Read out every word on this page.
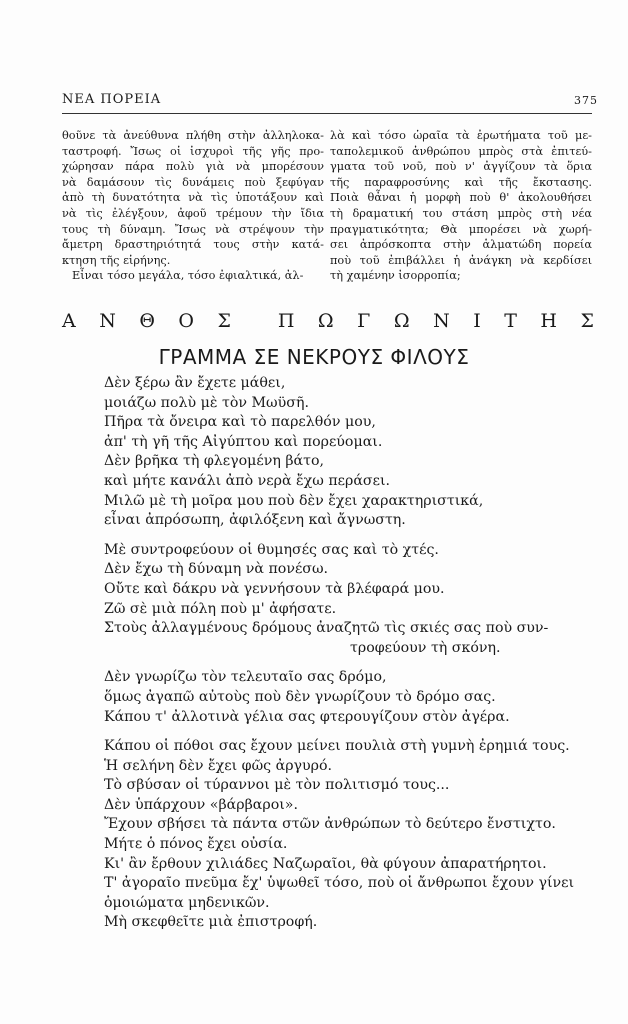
ΝΕΑ ΠΟΡΕΙΑ	375
θοῦνε τὰ ἀνεύθυνα πλήθη στὴν ἀλληλοκα-
ταστροφή. Ἴσως οἱ ἰσχυροὶ τῆς γῆς προ-
χώρησαν πάρα πολὺ γιὰ νὰ μπορέσουν
νὰ δαμάσουν τὶς δυνάμεις ποὺ ξεφύγαν
ἀπὸ τὴ δυνατότητα νὰ τὶς ὑποτάξουν καὶ
νὰ τὶς ἐλέγξουν, ἀφοῦ τρέμουν τὴν ἴδια
τους τὴ δύναμη. Ἴσως νὰ στρέψουν τὴν
ἄμετρη δραστηριότητά τους στὴν κατά-
κτηση τῆς εἰρήνης.
Εἶναι τόσο μεγάλα, τόσο ἐφιαλτικά, ἀλ-
λὰ καὶ τόσο ὡραῖα τὰ ἐρωτήματα τοῦ με-
ταπολεμικοῦ ἀνθρώπου μπρὸς στὰ ἐπιτεύ-
γματα τοῦ νοῦ, ποὺ ν' ἀγγίζουν τὰ ὅρια
τῆς παραφροσύνης καὶ τῆς ἔκστασης.
Ποιὰ θἆναι ἡ μορφὴ ποὺ θ' ἀκολουθήσει
τὴ δραματική του στάση μπρὸς στὴ νέα
πραγματικότητα; Θὰ μπορέσει νὰ χωρή-
σει ἀπρόσκοπτα στὴν ἁλματώδη πορεία
ποὺ τοῦ ἐπιβάλλει ἡ ἀνάγκη νὰ κερδίσει
τὴ χαμένην ἰσορροπία;
Α Ν Θ Ο Σ Π Ω Γ Ω Ν Ι Τ Η Σ
ΓΡΑΜΜΑ ΣΕ ΝΕΚΡΟΥΣ ΦΙΛΟΥΣ
Δὲν ξέρω ἂν ἔχετε μάθει,
μοιάζω πολὺ μὲ τὸν Μωϋσῆ.
Πῆρα τὰ ὄνειρα καὶ τὸ παρελθόν μου,
ἀπ' τὴ γῆ τῆς Αἰγύπτου καὶ πορεύομαι.
Δὲν βρῆκα τὴ φλεγομένη βάτο,
καὶ μήτε κανάλι ἀπὸ νερὰ ἔχω περάσει.
Μιλῶ μὲ τὴ μοῖρα μου ποὺ δὲν ἔχει χαρακτηριστικά,
εἶναι ἀπρόσωπη, ἀφιλόξενη καὶ ἄγνωστη.
Μὲ συντροφεύουν οἱ θυμησές σας καὶ τὸ χτές.
Δὲν ἔχω τὴ δύναμη νὰ πονέσω.
Οὔτε καὶ δάκρυ νὰ γεννήσουν τὰ βλέφαρά μου.
Ζῶ σὲ μιὰ πόλη ποὺ μ' ἀφήσατε.
Στοὺς ἀλλαγμένους δρόμους ἀναζητῶ τὶς σκιές σας ποὺ συν-
τροφεύουν τὴ σκόνη.
Δὲν γνωρίζω τὸν τελευταῖο σας δρόμο,
ὅμως ἀγαπῶ αὐτοὺς ποὺ δὲν γνωρίζουν τὸ δρόμο σας.
Κάπου τ' ἀλλοτινὰ γέλια σας φτερουγίζουν στὸν ἀγέρα.
Κάπου οἱ πόθοι σας ἔχουν μείνει πουλιὰ στὴ γυμνὴ ἐρημιά τους.
Ἡ σελήνη δὲν ἔχει φῶς ἀργυρό.
Τὸ σβύσαν οἱ τύραννοι μὲ τὸν πολιτισμό τους...
Δὲν ὑπάρχουν «βάρβαροι».
Ἔχουν σβήσει τὰ πάντα στῶν ἀνθρώπων τὸ δεύτερο ἔνστιχτο.
Μήτε ὁ πόνος ἔχει οὐσία.
Κι' ἂν ἔρθουν χιλιάδες Ναζωραῖοι, θὰ φύγουν ἀπαρατήρητοι.
Τ' ἀγοραῖο πνεῦμα ἔχ' ὑψωθεῖ τόσο, ποὺ οἱ ἄνθρωποι ἔχουν γίνει
ὁμοιώματα μηδενικῶν.
Μὴ σκεφθεῖτε μιὰ ἐπιστροφή.
